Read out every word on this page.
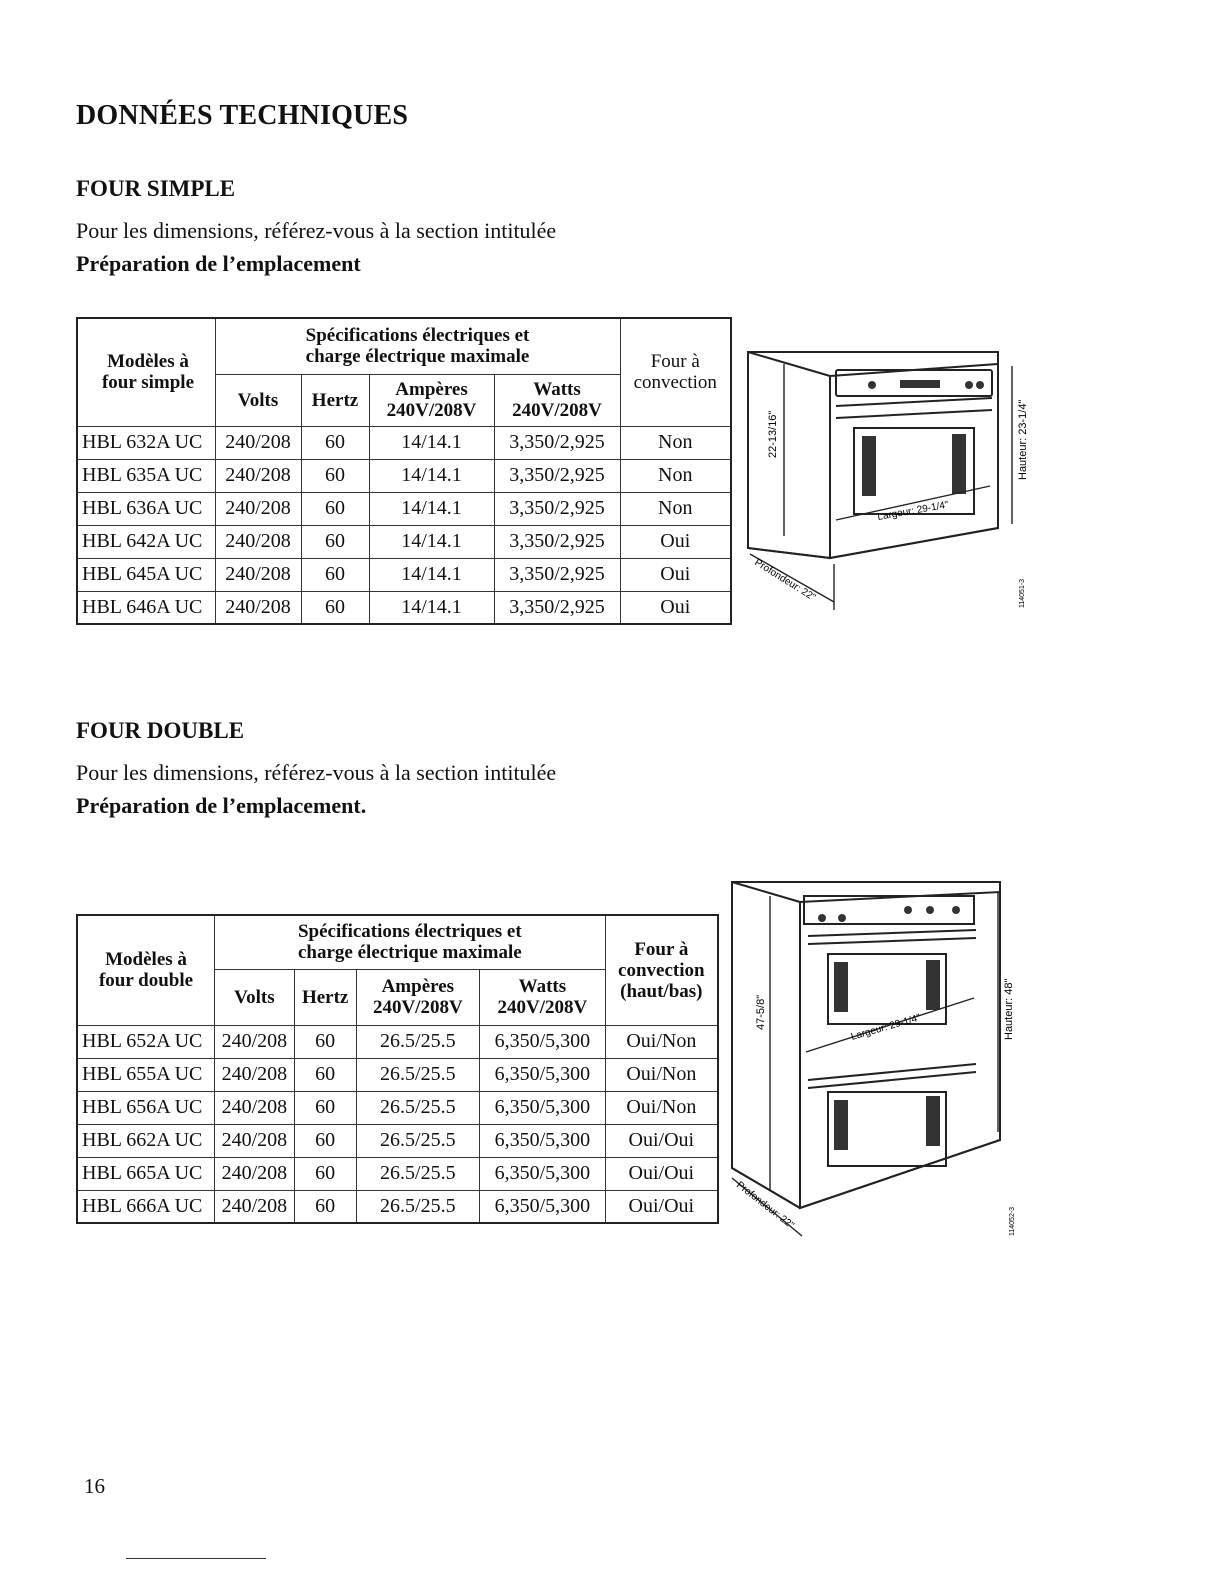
DONNÉES TECHNIQUES
FOUR SIMPLE
Pour les dimensions, référez-vous à la section intitulée
Préparation de l’emplacement
Modèles à four simple	Spécifications électriques et charge électrique maximale				Four à convection

	Volts	Hertz	Ampères 240V/208V	Watts 240V/208V	

HBL 632A UC	240/208	60	14/14.1	3,350/2,925	Non
HBL 635A UC	240/208	60	14/14.1	3,350/2,925	Non
HBL 636A UC	240/208	60	14/14.1	3,350/2,925	Non
HBL 642A UC	240/208	60	14/14.1	3,350/2,925	Oui
HBL 645A UC	240/208	60	14/14.1	3,350/2,925	Oui
HBL 646A UC	240/208	60	14/14.1	3,350/2,925	Oui
22-13/16"	Hauteur: 23-1/4"
Largeur: 29-1/4"
Profondeur: 22"	114051-3
FOUR DOUBLE
Pour les dimensions, référez-vous à la section intitulée
Préparation de l’emplacement.
Modèles à four double	Spécifications électriques et charge électrique maximale				Four à convection (haut/bas)

	Volts	Hertz	Ampères 240V/208V	Watts 240V/208V	

HBL 652A UC	240/208	60	26.5/25.5	6,350/5,300	Oui/Non
HBL 655A UC	240/208	60	26.5/25.5	6,350/5,300	Oui/Non
HBL 656A UC	240/208	60	26.5/25.5	6,350/5,300	Oui/Non
HBL 662A UC	240/208	60	26.5/25.5	6,350/5,300	Oui/Oui
HBL 665A UC	240/208	60	26.5/25.5	6,350/5,300	Oui/Oui
HBL 666A UC	240/208	60	26.5/25.5	6,350/5,300	Oui/Oui
47-5/8"	Hauteur: 48"
Largeur: 29-1/4"
Profondeur: 22"	114052-3
16
